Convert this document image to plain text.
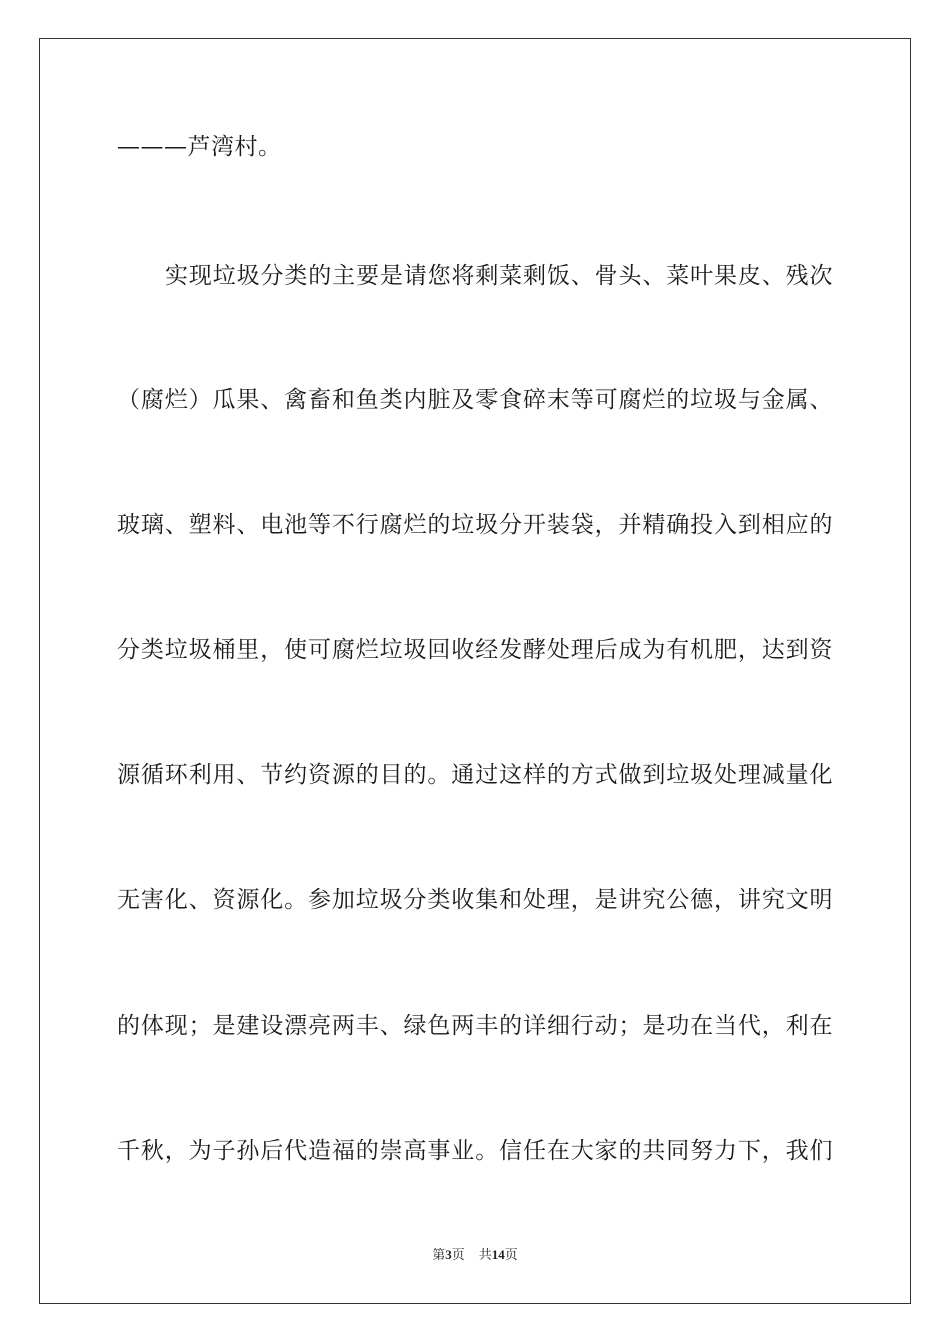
———芦湾村。
实现垃圾分类的主要是请您将剩菜剩饭、骨头、菜叶果皮、残次
（腐烂）瓜果、禽畜和鱼类内脏及零食碎末等可腐烂的垃圾与金属、
玻璃、塑料、电池等不行腐烂的垃圾分开装袋，并精确投入到相应的
分类垃圾桶里，使可腐烂垃圾回收经发酵处理后成为有机肥，达到资
源循环利用、节约资源的目的。通过这样的方式做到垃圾处理减量化
无害化、资源化。参加垃圾分类收集和处理，是讲究公德，讲究文明
的体现；是建设漂亮两丰、绿色两丰的详细行动；是功在当代，利在
千秋，为子孙后代造福的崇高事业。信任在大家的共同努力下，我们
第3页 共14页
